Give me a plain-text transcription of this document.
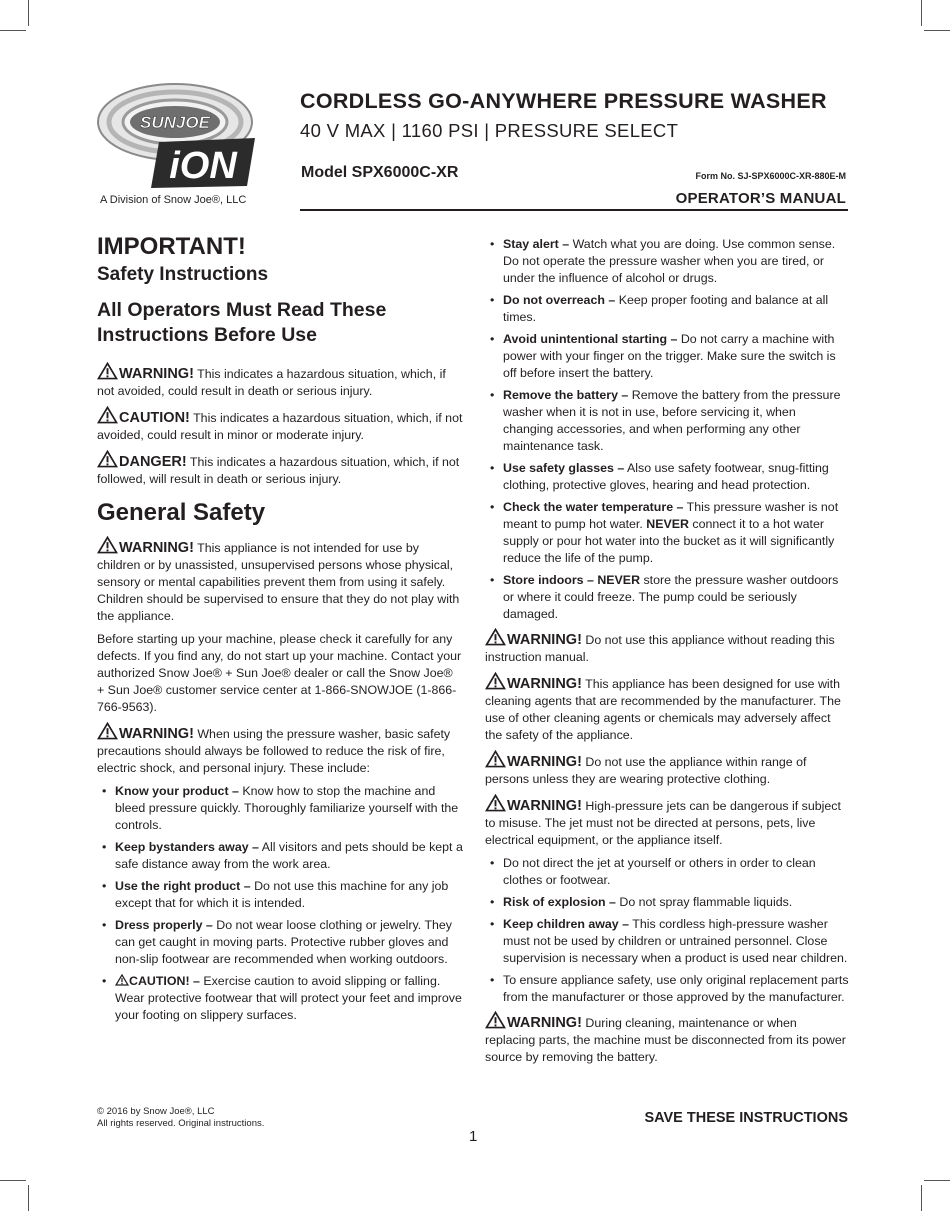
SUNJOE
iON
A Division of Snow Joe®, LLC
CORDLESS GO-ANYWHERE PRESSURE WASHER
40 V MAX | 1160 PSI | PRESSURE SELECT
Model SPX6000C-XR	Form No. SJ-SPX6000C-XR-880E-M
OPERATOR’S MANUAL
IMPORTANT!
Safety Instructions
All Operators Must Read These Instructions Before Use
WARNING! This indicates a hazardous situation, which, if not avoided, could result in death or serious injury.
CAUTION! This indicates a hazardous situation, which, if not avoided, could result in minor or moderate injury.
DANGER! This indicates a hazardous situation, which, if not followed, will result in death or serious injury.
General Safety
WARNING! This appliance is not intended for use by children or by unassisted, unsupervised persons whose physical, sensory or mental capabilities prevent them from using it safely. Children should be supervised to ensure that they do not play with the appliance.
Before starting up your machine, please check it carefully for any defects. If you find any, do not start up your machine. Contact your authorized Snow Joe® + Sun Joe® dealer or call the Snow Joe® + Sun Joe® customer service center at 1-866-SNOWJOE (1-866-766-9563).
WARNING! When using the pressure washer, basic safety precautions should always be followed to reduce the risk of fire, electric shock, and personal injury. These include:
• Know your product – Know how to stop the machine and bleed pressure quickly. Thoroughly familiarize yourself with the controls.
• Keep bystanders away – All visitors and pets should be kept a safe distance away from the work area.
• Use the right product – Do not use this machine for any job except that for which it is intended.
• Dress properly – Do not wear loose clothing or jewelry. They can get caught in moving parts. Protective rubber gloves and non-slip footwear are recommended when working outdoors.
• CAUTION! – Exercise caution to avoid slipping or falling. Wear protective footwear that will protect your feet and improve your footing on slippery surfaces.
• Stay alert – Watch what you are doing. Use common sense. Do not operate the pressure washer when you are tired, or under the influence of alcohol or drugs.
• Do not overreach – Keep proper footing and balance at all times.
• Avoid unintentional starting – Do not carry a machine with power with your finger on the trigger. Make sure the switch is off before insert the battery.
• Remove the battery – Remove the battery from the pressure washer when it is not in use, before servicing it, when changing accessories, and when performing any other maintenance task.
• Use safety glasses – Also use safety footwear, snug-fitting clothing, protective gloves, hearing and head protection.
• Check the water temperature – This pressure washer is not meant to pump hot water. NEVER connect it to a hot water supply or pour hot water into the bucket as it will significantly reduce the life of the pump.
• Store indoors – NEVER store the pressure washer outdoors or where it could freeze. The pump could be seriously damaged.
WARNING! Do not use this appliance without reading this instruction manual.
WARNING! This appliance has been designed for use with cleaning agents that are recommended by the manufacturer. The use of other cleaning agents or chemicals may adversely affect the safety of the appliance.
WARNING! Do not use the appliance within range of persons unless they are wearing protective clothing.
WARNING! High-pressure jets can be dangerous if subject to misuse. The jet must not be directed at persons, pets, live electrical equipment, or the appliance itself.
• Do not direct the jet at yourself or others in order to clean clothes or footwear.
• Risk of explosion – Do not spray flammable liquids.
• Keep children away – This cordless high-pressure washer must not be used by children or untrained personnel. Close supervision is necessary when a product is used near children.
• To ensure appliance safety, use only original replacement parts from the manufacturer or those approved by the manufacturer.
WARNING! During cleaning, maintenance or when replacing parts, the machine must be disconnected from its power source by removing the battery.
© 2016 by Snow Joe®, LLC
All rights reserved. Original instructions.	SAVE THESE INSTRUCTIONS
1
